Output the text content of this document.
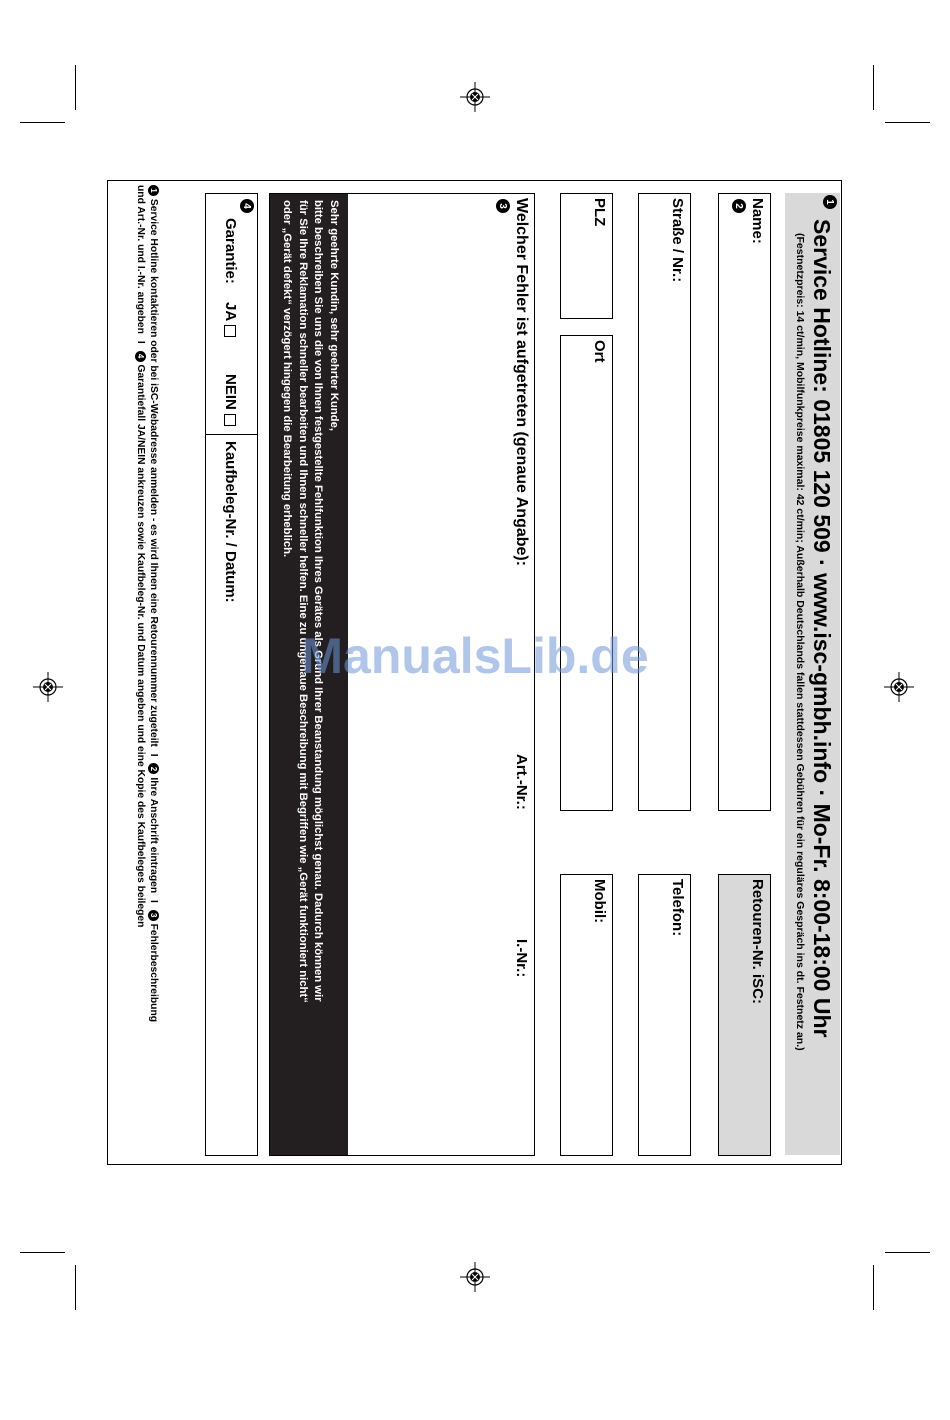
1
Service Hotline: 01805 120 509 · www.isc-gmbh.info · Mo-Fr. 8:00-18:00 Uhr
(Festnetzpreis: 14 ct/min, Mobilfunkpreise maximal: 42 ct/min; Außerhalb Deutschlands fallen stattdessen Gebühren für ein reguläres Gespräch ins dt. Festnetz an.)
Name:
2
Retouren-Nr. iSC:
Straße / Nr.:
Telefon:
PLZ
Ort
Mobil:
Welcher Fehler ist aufgetreten (genaue Angabe):
3
Art.-Nr.:
I.-Nr.:
Sehr geehrte Kundin, sehr geehrter Kunde,
bitte beschreiben Sie uns die von Ihnen festgestellte Fehlfunktion Ihres Gerätes als Grund Ihrer Beanstandung möglichst genau. Dadurch können wir
für Sie Ihre Reklamation schneller bearbeiten und Ihnen schneller helfen. Eine zu ungenaue Beschreibung mit Begriffen wie „Gerät funktioniert nicht“
oder „Gerät defekt“ verzögert hingegen die Bearbeitung erheblich.
4
Garantie:
JA
NEIN
Kaufbeleg-Nr. / Datum:
1 Service Hotline kontaktieren oder bei iSC-Webadresse anmelden - es wird Ihnen eine Retourennummer zugeteilt I 2 Ihre Anschrift eintragen I 3 Fehlerbeschreibung
und Art.-Nr. und I.-Nr. angeben I 4 Garantiefall JA/NEIN ankreuzen sowie Kaufbeleg-Nr. und Datum angeben und eine Kopie des Kaufbeleges beilegen	ManualsLib.de
